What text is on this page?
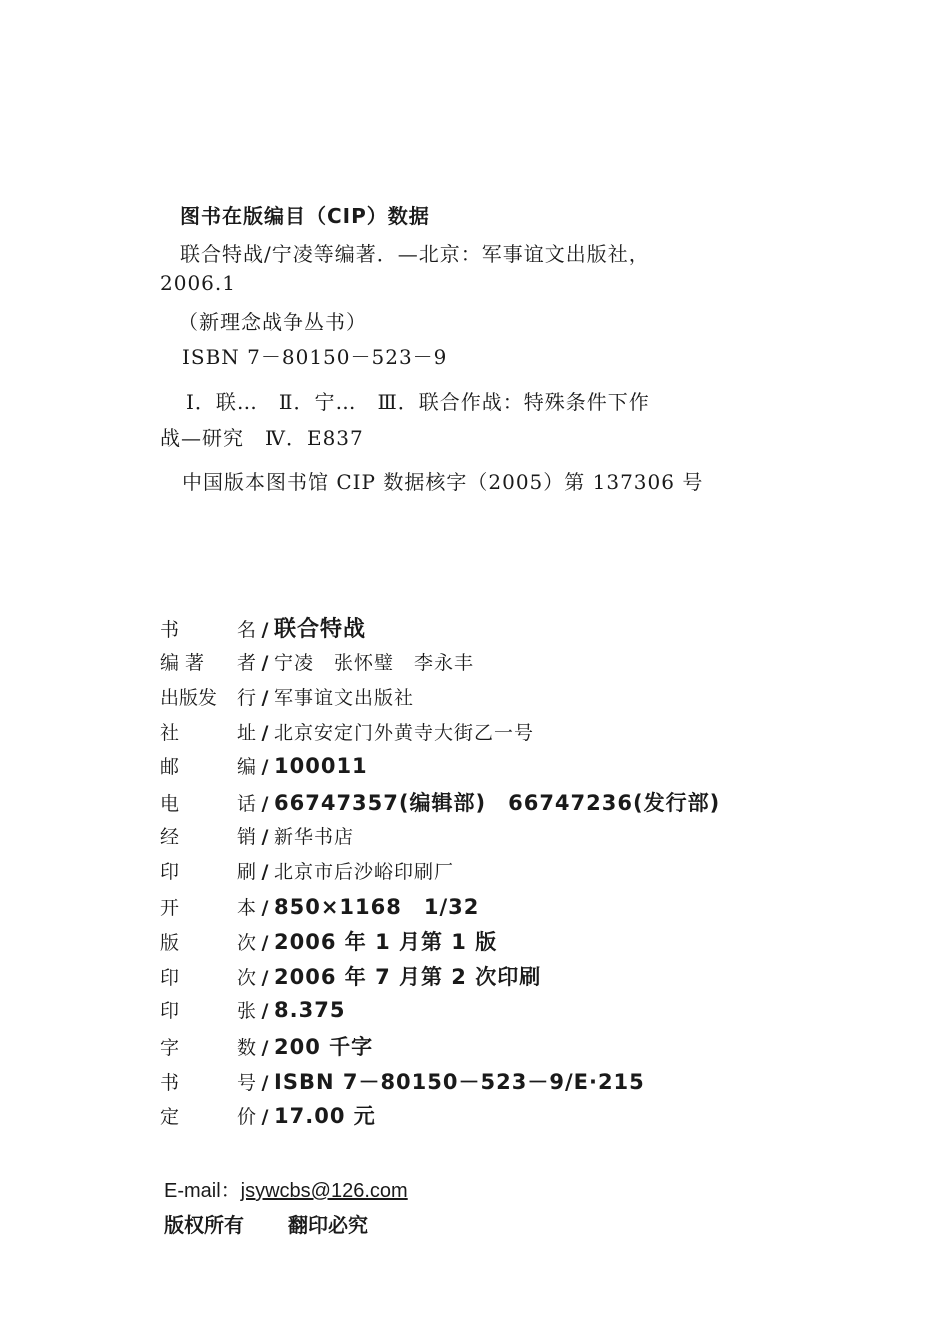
图书在版编目（CIP）数据
联合特战/宁凌等编著．—北京：军事谊文出版社，
2006.1
（新理念战争丛书）
ISBN 7－80150－523－9
Ⅰ．联…　Ⅱ．宁…　Ⅲ．联合作战：特殊条件下作
战—研究　Ⅳ．E837
中国版本图书馆 CIP 数据核字（2005）第 137306 号
书	名 / 联合特战
编 著 者 / 宁凌　张怀璧　李永丰
出版发 行 / 军事谊文出版社
社	址 / 北京安定门外黄寺大街乙一号
邮	编 / 100011
电	话 / 66747357(编辑部)　66747236(发行部)
经	销 / 新华书店
印	刷 / 北京市后沙峪印刷厂
开	本 / 850×1168　1/32
版	次 / 2006 年 1 月第 1 版
印	次 / 2006 年 7 月第 2 次印刷
印	张 / 8.375
字	数 / 200 千字
书	号 / ISBN 7－80150－523－9/E·215
定	价 / 17.00 元
E-mail：jsywcbs@126.com
版权所有 翻印必究
